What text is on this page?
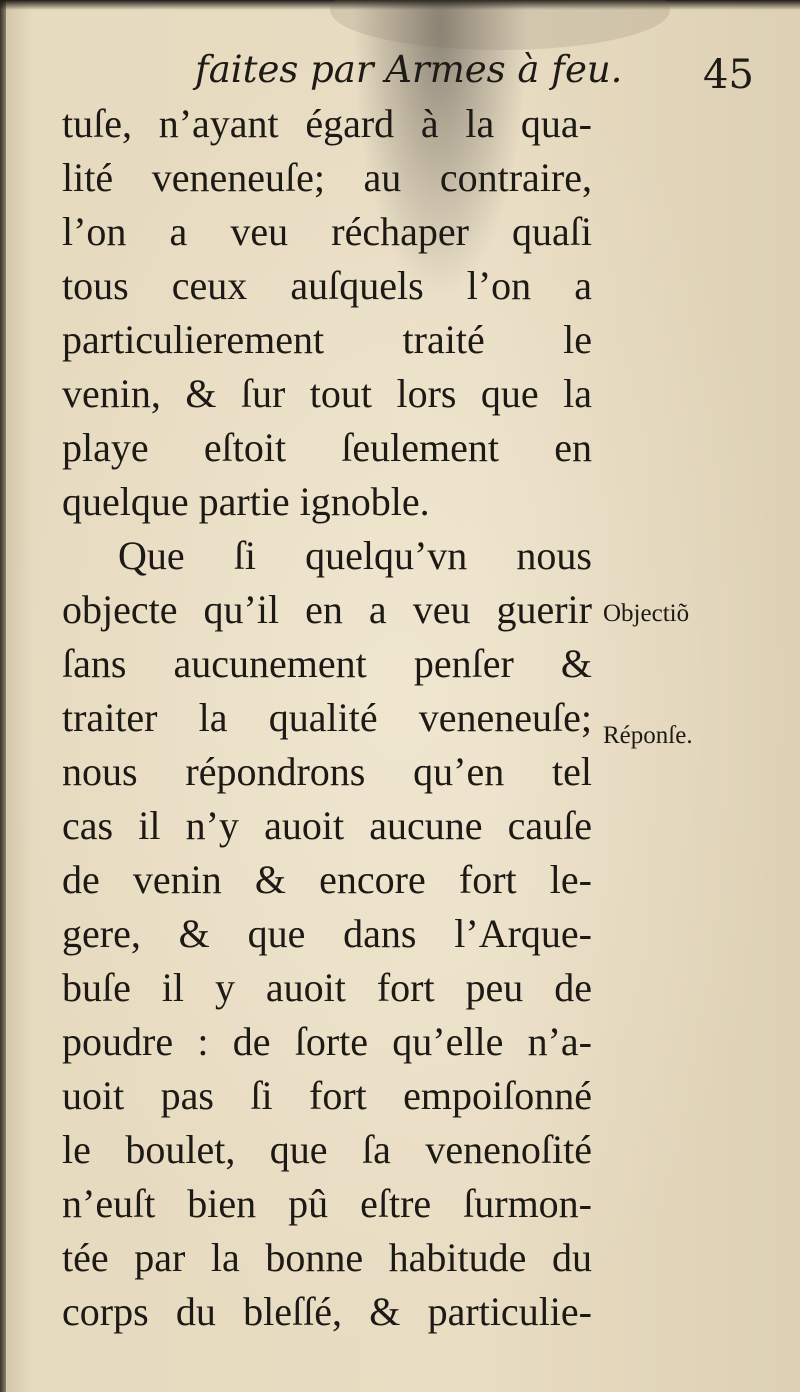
faites par Armes à feu. 45
tuſe, n’ayant égard à la qua-
lité veneneuſe; au contraire,
l’on a veu réchaper quaſi
tous ceux auſquels l’on a
particulierement traité le
venin, & ſur tout lors que la
playe eſtoit ſeulement en
quelque partie ignoble.
Que ſi quelqu’vn nous
objecte qu’il en a veu guerir
ſans aucunement penſer &
traiter la qualité veneneuſe;
nous répondrons qu’en tel
cas il n’y auoit aucune cauſe
de venin & encore fort le-
gere, & que dans l’Arque-
buſe il y auoit fort peu de
poudre : de ſorte qu’elle n’a-
uoit pas ſi fort empoiſonné
le boulet, que ſa venenoſité
n’euſt bien pû eſtre ſurmon-
tée par la bonne habitude du
corps du bleſſé, & particulie-
Objectiõ
Réponſe.
